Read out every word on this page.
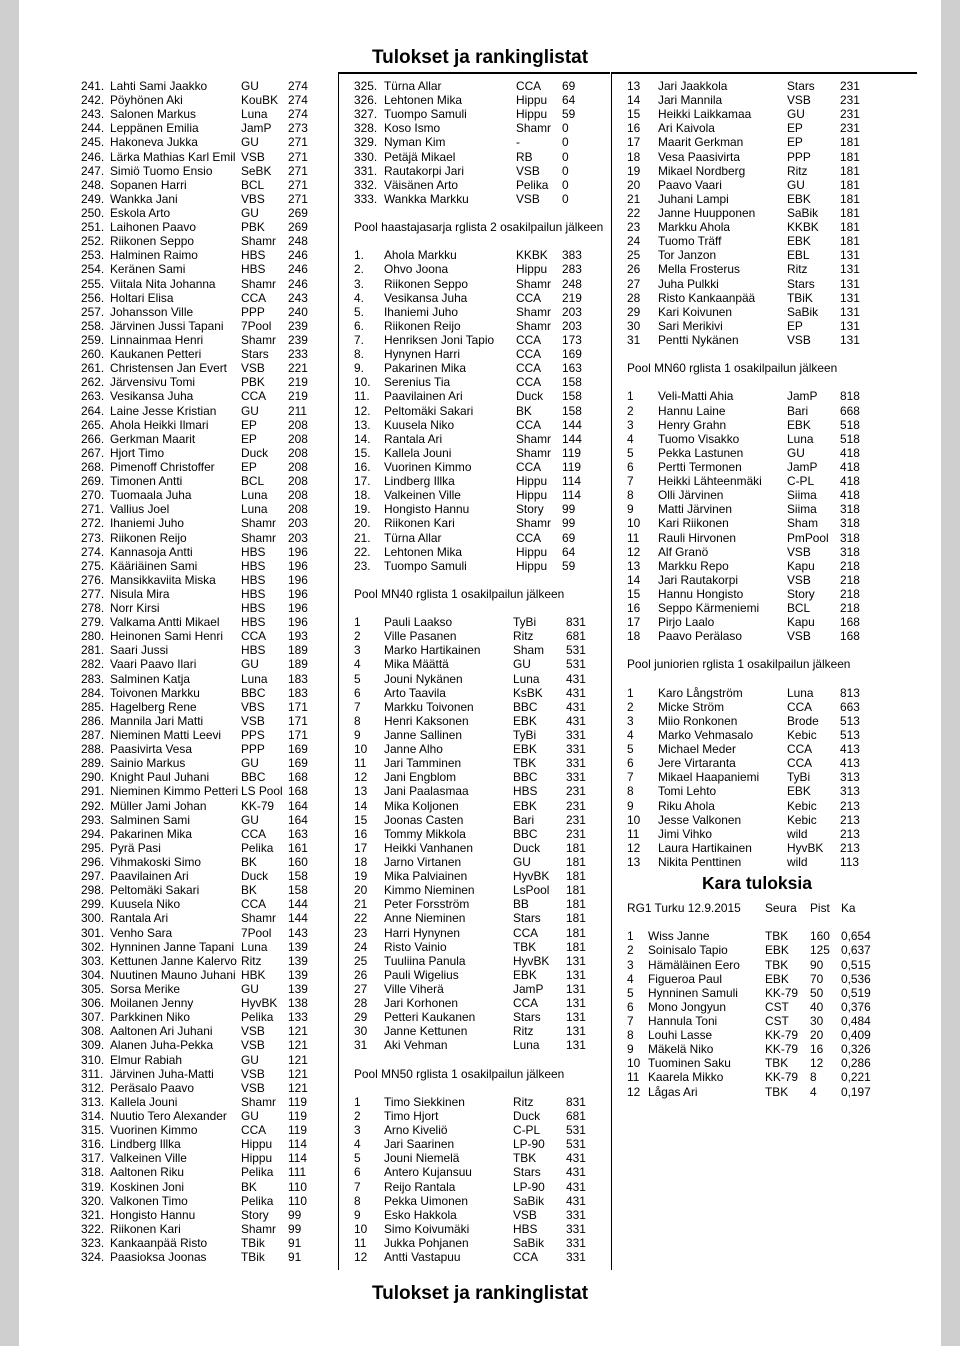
Tulokset ja rankinglistat
241. Lahti Sami Jaakko	GU 274
242. Pöyhönen Aki	KouBK 274
243. Salonen Markus	Luna 274
244. Leppänen Emilia	JamP 273
245. Hakoneva Jukka	GU 271
246. Lärka Mathias Karl Emil VSB 271
247. Simiö Tuomo Ensio SeBK 271
248. Sopanen Harri	BCL 271
249. Wankka Jani	VBS 271
250. Eskola Arto	GU 269
251. Laihonen Paavo	PBK 269
252. Riikonen Seppo	Shamr 248
253. Halminen Raimo	HBS 246
254. Keränen Sami	HBS 246
255. Viitala Nita Johanna Shamr 246
256. Holtari Elisa	CCA 243
257. Johansson Ville	PPP 240
258. Järvinen Jussi Tapani 7Pool 239
259. Linnainmaa Henri	Shamr 239
260. Kaukanen Petteri	Stars 233
261. Christensen Jan Evert VSB 221
262. Järvensivu Tomi	PBK 219
263. Vesikansa Juha	CCA 219
264. Laine Jesse Kristian GU 211
265. Ahola Heikki Ilmari	EP	208
266. Gerkman Maarit	EP	208
267. Hjort Timo	Duck 208
268. Pimenoff Christoffer EP	208
269. Timonen Antti	BCL 208
270. Tuomaala Juha	Luna 208
271. Vallius Joel	Luna 208
272. Ihaniemi Juho	Shamr 203
273. Riikonen Reijo	Shamr 203
274. Kannasoja Antti	HBS 196
275. Kääriäinen Sami	HBS 196
276. Mansikkaviita Miska HBS 196
277. Nisula Mira	HBS 196
278. Norr Kirsi	HBS 196
279. Valkama Antti Mikael HBS 196
280. Heinonen Sami Henri CCA 193
281. Saari Jussi	HBS 189
282. Vaari Paavo Ilari	GU 189
283. Salminen Katja	Luna 183
284. Toivonen Markku	BBC 183
285. Hagelberg Rene	VBS 171
286. Mannila Jari Matti	VSB 171
287. Nieminen Matti Leevi PPS 171
288. Paasivirta Vesa	PPP 169
289. Sainio Markus	GU 169
290. Knight Paul Juhani	BBC 168
291. Nieminen Kimmo Petteri LS Pool 168
292. Müller Jami Johan	KK-79 164
293. Salminen Sami	GU 164
294. Pakarinen Mika	CCA 163
295. Pyrä Pasi	Pelika 161
296. Vihmakoski Simo	BK	160
297. Paavilainen Ari	Duck 158
298. Peltomäki Sakari	BK	158
299. Kuusela Niko	CCA 144
300. Rantala Ari	Shamr 144
301. Venho Sara	7Pool 143
302. Hynninen Janne Tapani Luna 139
303. Kettunen Janne Kalervo Ritz 139
304. Nuutinen Mauno Juhani HBK 139
305. Sorsa Merike	GU 139
306. Moilanen Jenny	HyvBK 138
307. Parkkinen Niko	Pelika 133
308. Aaltonen Ari Juhani VSB 121
309. Alanen Juha-Pekka VSB 121
310. Elmur Rabiah	GU 121
311. Järvinen Juha-Matti VSB 121
312. Peräsalo Paavo	VSB 121
313. Kallela Jouni	Shamr 119
314. Nuutio Tero Alexander GU 119
315. Vuorinen Kimmo	CCA 119
316. Lindberg Illka	Hippu 114
317. Valkeinen Ville	Hippu 114
318. Aaltonen Riku	Pelika 111
319. Koskinen Joni	BK	110
320. Valkonen Timo	Pelika 110
321. Hongisto Hannu	Story 99
322. Riikonen Kari	Shamr 99
323. Kankaanpää Risto	TBik 91
324. Paasioksa Joonas	TBik 91
325. Türna Allar	CCA 69
326. Lehtonen Mika	Hippu 64
327. Tuompo Samuli	Hippu 59
328. Koso Ismo	Shamr 0
329. Nyman Kim	-	0
330. Petäjä Mikael	RB 0
331. Rautakorpi Jari	VSB 0
332. Väisänen Arto	Pelika 0
333. Wankka Markku	VSB 0
Pool haastajasarja rglista 2 osakilpailun jälkeen
1. Ahola Markku	KKBK 383
2. Ohvo Joona	Hippu 283
3. Riikonen Seppo	Shamr 248
4. Vesikansa Juha	CCA 219
5. Ihaniemi Juho	Shamr 203
6. Riikonen Reijo	Shamr 203
7. Henriksen Joni Tapio CCA 173
8. Hynynen Harri	CCA 169
9. Pakarinen Mika	CCA 163
10. Serenius Tia	CCA 158
11. Paavilainen Ari	Duck 158
12. Peltomäki Sakari	BK	158
13. Kuusela Niko	CCA 144
14. Rantala Ari	Shamr 144
15. Kallela Jouni	Shamr 119
16. Vuorinen Kimmo	CCA 119
17. Lindberg Illka	Hippu 114
18. Valkeinen Ville	Hippu 114
19. Hongisto Hannu	Story 99
20. Riikonen Kari	Shamr 99
21. Türna Allar	CCA 69
22. Lehtonen Mika	Hippu 64
23. Tuompo Samuli	Hippu 59
Pool MN40 rglista 1 osakilpailun jälkeen
1 Pauli Laakso	TyBi	831
2 Ville Pasanen	Ritz	681
3 Marko Hartikainen	Sham 531
4 Mika Määttä	GU	531
5 Jouni Nykänen	Luna 431
6 Arto Taavila	KsBK 431
7 Markku Toivonen	BBC 431
8 Henri Kaksonen	EBK 431
9 Janne Sallinen	TyBi	331
10 Janne Alho	EBK 331
11 Jari Tamminen	TBK	331
12 Jani Engblom	BBC 331
13 Jani Paalasmaa	HBS 231
14 Mika Koljonen	EBK 231
15 Joonas Casten	Bari	231
16 Tommy Mikkola	BBC 231
17 Heikki Vanhanen	Duck 181
18 Jarno Virtanen	GU	181
19 Mika Palviainen	HyvBK 181
20 Kimmo Nieminen	LsPool 181
21 Peter Forsström	BB	181
22 Anne Nieminen	Stars 181
23 Harri Hynynen	CCA 181
24 Risto Vainio	TBK	181
25 Tuuliina Panula	HyvBK 131
26 Pauli Wigelius	EBK 131
27 Ville Viherä	JamP 131
28 Jari Korhonen	CCA 131
29 Petteri Kaukanen	Stars 131
30 Janne Kettunen	Ritz	131
31 Aki Vehman	Luna 131
Pool MN50 rglista 1 osakilpailun jälkeen
1 Timo Siekkinen	Ritz	831
2 Timo Hjort	Duck 681
3 Arno Kiveliö	C-PL 531
4 Jari Saarinen	LP-90 531
5 Jouni Niemelä	TBK	431
6 Antero Kujansuu	Stars 431
7 Reijo Rantala	LP-90 431
8 Pekka Uimonen	SaBik 431
9 Esko Hakkola	VSB 331
10 Simo Koivumäki	HBS 331
11 Jukka Pohjanen	SaBik 331
12 Antti Vastapuu	CCA 331
13 Jari Jaakkola	Stars 231
14 Jari Mannila	VSB 231
15 Heikki Laikkamaa	GU	231
16 Ari Kaivola	EP	231
17 Maarit Gerkman	EP	181
18 Vesa Paasivirta	PPP 181
19 Mikael Nordberg	Ritz	181
20 Paavo Vaari	GU	181
21 Juhani Lampi	EBK 181
22 Janne Huupponen	SaBik 181
23 Markku Ahola	KKBK 181
24 Tuomo Träff	EBK 181
25 Tor Janzon	EBL	131
26 Mella Frosterus	Ritz	131
27 Juha Pulkki	Stars 131
28 Risto Kankaanpää	TBiK 131
29 Kari Koivunen	SaBik 131
30 Sari Merikivi	EP	131
31 Pentti Nykänen	VSB 131
Pool MN60 rglista 1 osakilpailun jälkeen
1 Veli-Matti Ahia	JamP 818
2 Hannu Laine	Bari	668
3 Henry Grahn	EBK 518
4 Tuomo Visakko	Luna 518
5 Pekka Lastunen	GU	418
6 Pertti Termonen	JamP 418
7 Heikki Lähteenmäki C-PL 418
8 Olli Järvinen	Siima 418
9 Matti Järvinen	Siima 318
10 Kari Riikonen	Sham 318
11 Rauli Hirvonen	PmPool 318
12 Alf Granö	VSB 318
13 Markku Repo	Kapu 218
14 Jari Rautakorpi	VSB 218
15 Hannu Hongisto	Story 218
16 Seppo Kärmeniemi BCL	218
17 Pirjo Laalo	Kapu 168
18 Paavo Perälaso	VSB 168
Pool juniorien rglista 1 osakilpailun jälkeen
1 Karo Långström	Luna 813
2 Micke Ström	CCA 663
3 Miio Ronkonen	Brode 513
4 Marko Vehmasalo	Kebic 513
5 Michael Meder	CCA 413
6 Jere Virtaranta	CCA 413
7 Mikael Haapaniemi TyBi	313
8 Tomi Lehto	EBK 313
9 Riku Ahola	Kebic 213
10 Jesse Valkonen	Kebic 213
11 Jimi Vihko	wild	213
12 Laura Hartikainen	HyvBK 213
13 Nikita Penttinen	wild	113
Kara tuloksia
RG1 Turku 12.9.2015 Seura Pist Ka
1 Wiss Janne	TBK 160 0,654
2 Soinisalo Tapio	EBK 125 0,637
3 Hämäläinen Eero TBK 90 0,515
4 Figueroa Paul	EBK 70 0,536
5 Hynninen Samuli KK-79 50 0,519
6 Mono Jongyun	CST 40 0,376
7 Hannula Toni	CST 30 0,484
8 Louhi Lasse	KK-79 20 0,409
9 Mäkelä Niko	KK-79 16 0,326
10 Tuominen Saku	TBK 12 0,286
11 Kaarela Mikko	KK-79 8 0,221
12 Lågas Ari	TBK 4 0,197
Tulokset ja rankinglistat
